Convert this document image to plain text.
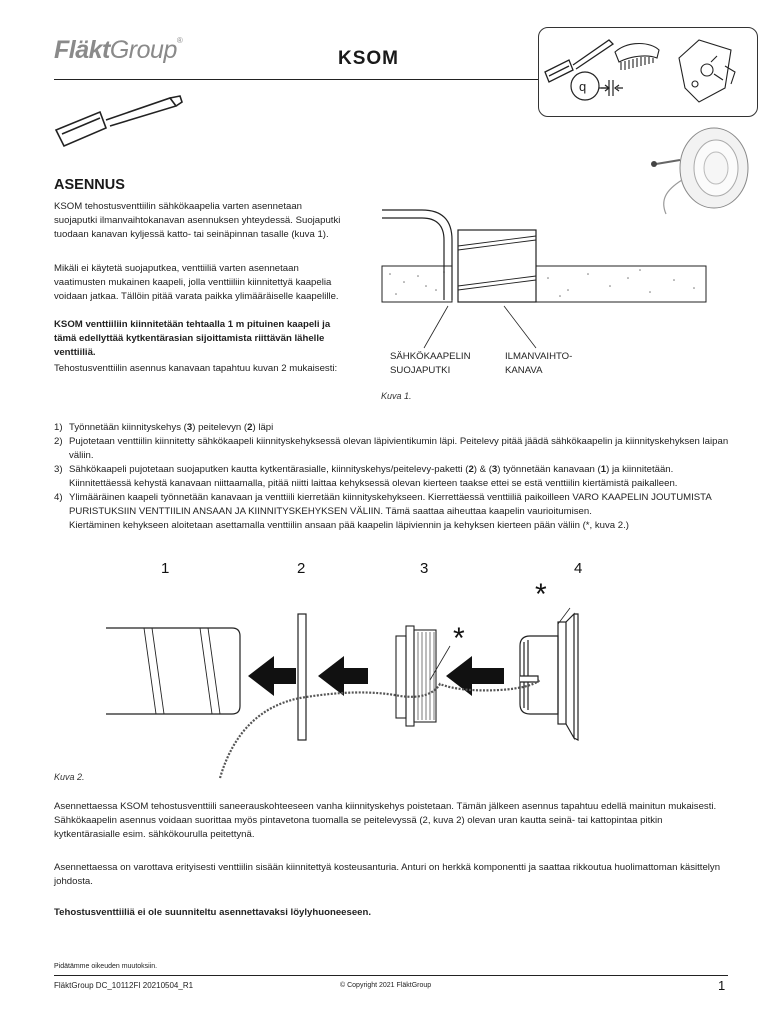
FläktGroup®
KSOM
q
ASENNUS
KSOM tehostusventtiilin sähkökaapelia varten asennetaan suojaputki ilmanvaihtokanavan asennuksen yhteydessä. Suojaputki tuodaan kanavan kyljessä katto- tai seinäpinnan tasalle (kuva 1).
Mikäli ei käytetä suojaputkea, venttiiliä varten asennetaan vaatimusten mukainen kaapeli, jolla venttiiliin kiinnitettyä kaapelia voidaan jatkaa. Tällöin pitää varata paikka ylimääräiselle kaapelille.
KSOM venttiiliin kiinnitetään tehtaalla 1 m pituinen kaapeli ja tämä edellyttää kytkentärasian sijoittamista riittävän lähelle venttiiliä.
Tehostusventtiilin asennus kanavaan tapahtuu kuvan 2 mukaisesti:
SÄHKÖKAAPELIN
SUOJAPUTKI
ILMANVAIHTO-
KANAVA
Kuva 1.
1) Työnnetään kiinnityskehys (3) peitelevyn (2) läpi
2) Pujotetaan venttiilin kiinnitetty sähkökaapeli kiinnityskehyksessä olevan läpivientikumin läpi. Peitelevy pitää jäädä sähkökaapelin ja kiinnityskehyksen laipan väliin.
3) Sähkökaapeli pujotetaan suojaputken kautta kytkentärasialle, kiinnityskehys/peitelevy-paketti (2) & (3) työnnetään kanavaan (1) ja kiinnitetään. Kiinnitettäessä kehystä kanavaan niittaamalla, pitää niitti laittaa kehyksessä olevan kierteen taakse ettei se estä venttiilin kiertämistä paikalleen.
4) Ylimääräinen kaapeli työnnetään kanavaan ja venttiili kierretään kiinnityskehykseen. Kierrettäessä venttiiliä paikoilleen VARO KAAPELIN JOUTUMISTA PURISTUKSIIN VENTTIILIN ANSAAN JA KIINNITYSKEHYKSEN VÄLIIN. Tämä saattaa aiheuttaa kaapelin vaurioitumisen.
Kiertäminen kehykseen aloitetaan asettamalla venttiilin ansaan pää kaapelin läpiviennin ja kehyksen kierteen pään väliin (*, kuva 2.)
1	2	3	4
*
*
Kuva 2.
Asennettaessa KSOM tehostusventtiili saneerauskohteeseen vanha kiinnityskehys poistetaan. Tämän jälkeen asennus tapahtuu edellä mainitun mukaisesti. Sähkökaapelin asennus voidaan suorittaa myös pintavetona tuomalla se peitelevyssä (2, kuva 2) olevan uran kautta seinä- tai kattopintaa pitkin kytkentärasialle esim. sähkökourulla peitettynä.
Asennettaessa on varottava erityisesti venttiilin sisään kiinnitettyä kosteusanturia. Anturi on herkkä komponentti ja saattaa rikkoutua huolimattoman käsittelyn johdosta.
Tehostusventtiiliä ei ole suunniteltu asennettavaksi löylyhuoneeseen.
Pidätämme oikeuden muutoksiin.
FläktGroup DC_10112FI 20210504_R1	© Copyright 2021 FläktGroup	1
